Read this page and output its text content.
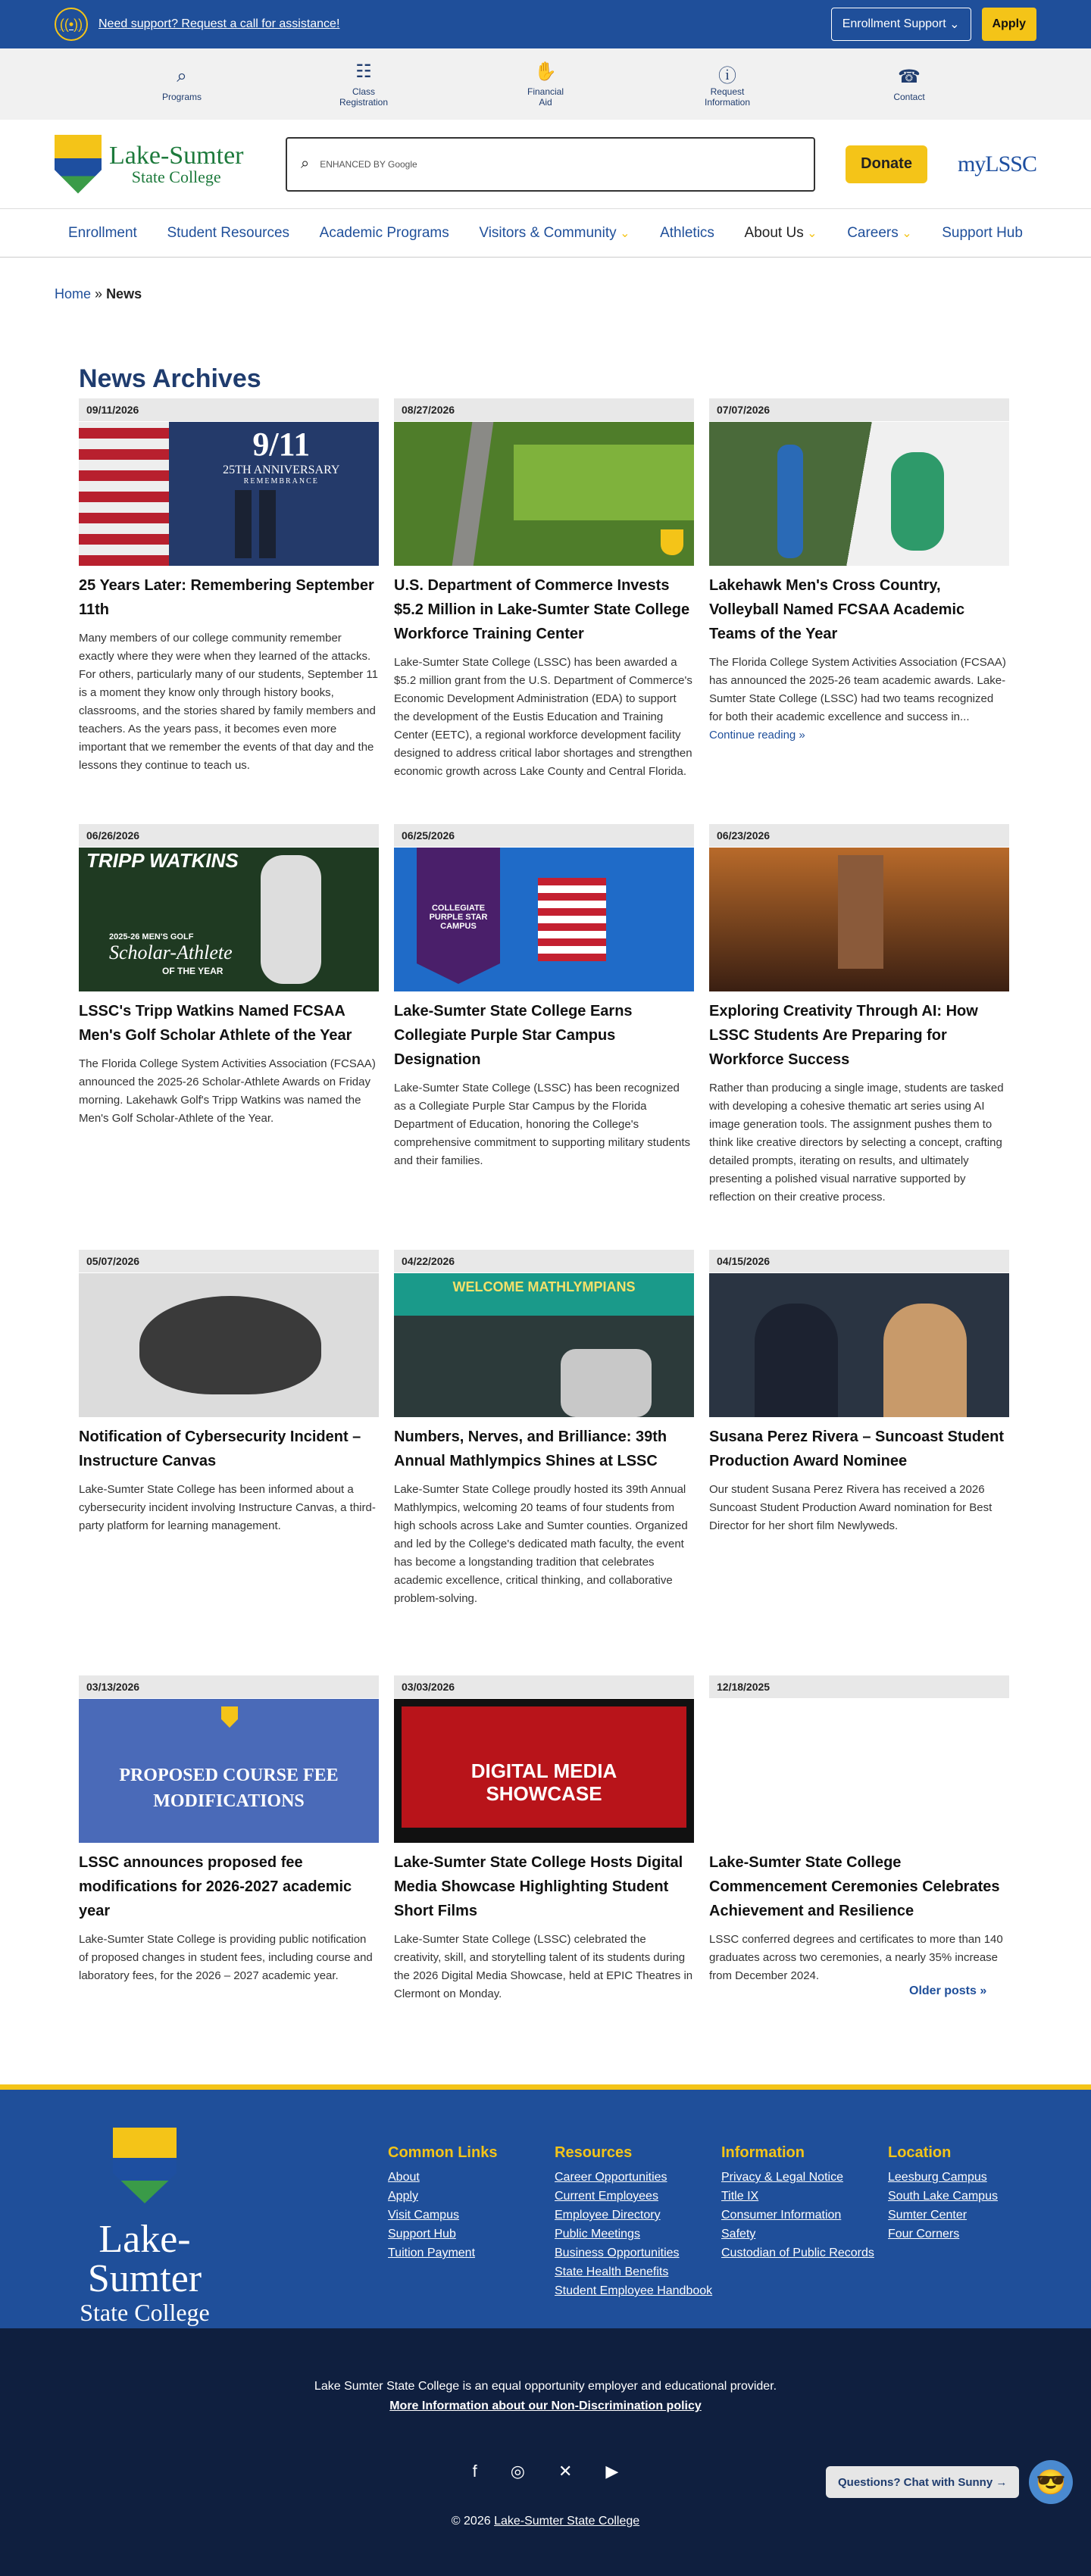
((•))	Need support? Request a call for assistance!	Enrollment Support
⌄	Apply
⌕
Programs
☷
Class
Registration
✋
Financial
Aid
ⓘ
Request
Information
☎
Contact
Lake-Sumter
State College
⌕ ENHANCED BY Google	Donate	myLSSC
Enrollment Student Resources Academic Programs Visitors & Community ⌄ Athletics About Us ⌄ Careers ⌄ Support Hub
Home » News
News Archives
09/11/2026
9/11
25TH ANNIVERSARY
REMEMBRANCE
25 Years Later: Remembering September 11th

Many members of our college community remember exactly where they were when they learned of the attacks. For others, particularly many of our students, September 11 is a moment they know only through history books, classrooms, and the stories shared by family members and teachers. As the years pass, it becomes even more important that we remember the events of that day and the lessons they continue to teach us.

08/27/2026
U.S. Department of Commerce Invests $5.2 Million in Lake-Sumter State College Workforce Training Center

Lake-Sumter State College (LSSC) has been awarded a $5.2 million grant from the U.S. Department of Commerce's Economic Development Administration (EDA) to support the development of the Eustis Education and Training Center (EETC), a regional workforce development facility designed to address critical labor shortages and strengthen economic growth across Lake County and Central Florida.

07/07/2026
Lakehawk Men's Cross Country, Volleyball Named FCSAA Academic Teams of the Year

The Florida College System Activities Association (FCSAA) has announced the 2025-26 team academic awards. Lake-Sumter State College (LSSC) had two teams recognized for both their academic excellence and success in... Continue reading »

06/26/2026
TRIPP WATKINS
2025-26 MEN'S GOLF
Scholar-Athlete
OF THE YEAR
LSSC's Tripp Watkins Named FCSAA Men's Golf Scholar Athlete of the Year

The Florida College System Activities Association (FCSAA) announced the 2025-26 Scholar-Athlete Awards on Friday morning. Lakehawk Golf's Tripp Watkins was named the Men's Golf Scholar-Athlete of the Year.

06/25/2026
COLLEGIATE PURPLE STAR CAMPUS
Lake-Sumter State College Earns Collegiate Purple Star Campus Designation

Lake-Sumter State College (LSSC) has been recognized as a Collegiate Purple Star Campus by the Florida Department of Education, honoring the College's comprehensive commitment to supporting military students and their families.

06/23/2026
Exploring Creativity Through AI: How LSSC Students Are Preparing for Workforce Success

Rather than producing a single image, students are tasked with developing a cohesive thematic art series using AI image generation tools. The assignment pushes them to think like creative directors by selecting a concept, crafting detailed prompts, iterating on results, and ultimately presenting a polished visual narrative supported by reflection on their creative process.

05/07/2026
Notification of Cybersecurity Incident – Instructure Canvas

Lake-Sumter State College has been informed about a cybersecurity incident involving Instructure Canvas, a third-party platform for learning management.

04/22/2026
WELCOME MATHLYMPIANS
Numbers, Nerves, and Brilliance: 39th Annual Mathlympics Shines at LSSC

Lake-Sumter State College proudly hosted its 39th Annual Mathlympics, welcoming 20 teams of four students from high schools across Lake and Sumter counties. Organized and led by the College's dedicated math faculty, the event has become a longstanding tradition that celebrates academic excellence, critical thinking, and collaborative problem-solving.

04/15/2026
Susana Perez Rivera – Suncoast Student Production Award Nominee

Our student Susana Perez Rivera has received a 2026 Suncoast Student Production Award nomination for Best Director for her short film Newlyweds.

03/13/2026
PROPOSED COURSE FEE MODIFICATIONS
LSSC announces proposed fee modifications for 2026-2027 academic year

Lake-Sumter State College is providing public notification of proposed changes in student fees, including course and laboratory fees, for the 2026 – 2027 academic year.

03/03/2026
DIGITAL MEDIA SHOWCASE
Lake-Sumter State College Hosts Digital Media Showcase Highlighting Student Short Films

Lake-Sumter State College (LSSC) celebrated the creativity, skill, and storytelling talent of its students during the 2026 Digital Media Showcase, held at EPIC Theatres in Clermont on Monday.

12/18/2025
Lake-Sumter State College Commencement Ceremonies Celebrates Achievement and Resilience

LSSC conferred degrees and certificates to more than 140 graduates across two ceremonies, a nearly 35% increase from December 2024.

Older posts »
Lake-Sumter
State College
Common Links
About
Apply
Visit Campus
Support Hub
Tuition Payment
Resources
Career Opportunities
Current Employees
Employee Directory
Public Meetings
Business Opportunities
State Health Benefits
Student Employee Handbook
Information
Privacy & Legal Notice
Title IX
Consumer Information
Safety
Custodian of Public Records
Location
Leesburg Campus
South Lake Campus
Sumter Center
Four Corners
Lake Sumter State College is an equal opportunity employer and educational provider.
More Information about our Non-Discrimination policy
f ◎ ✕ ▶
© 2026 Lake-Sumter State College
Questions? Chat with Sunny →	😎
